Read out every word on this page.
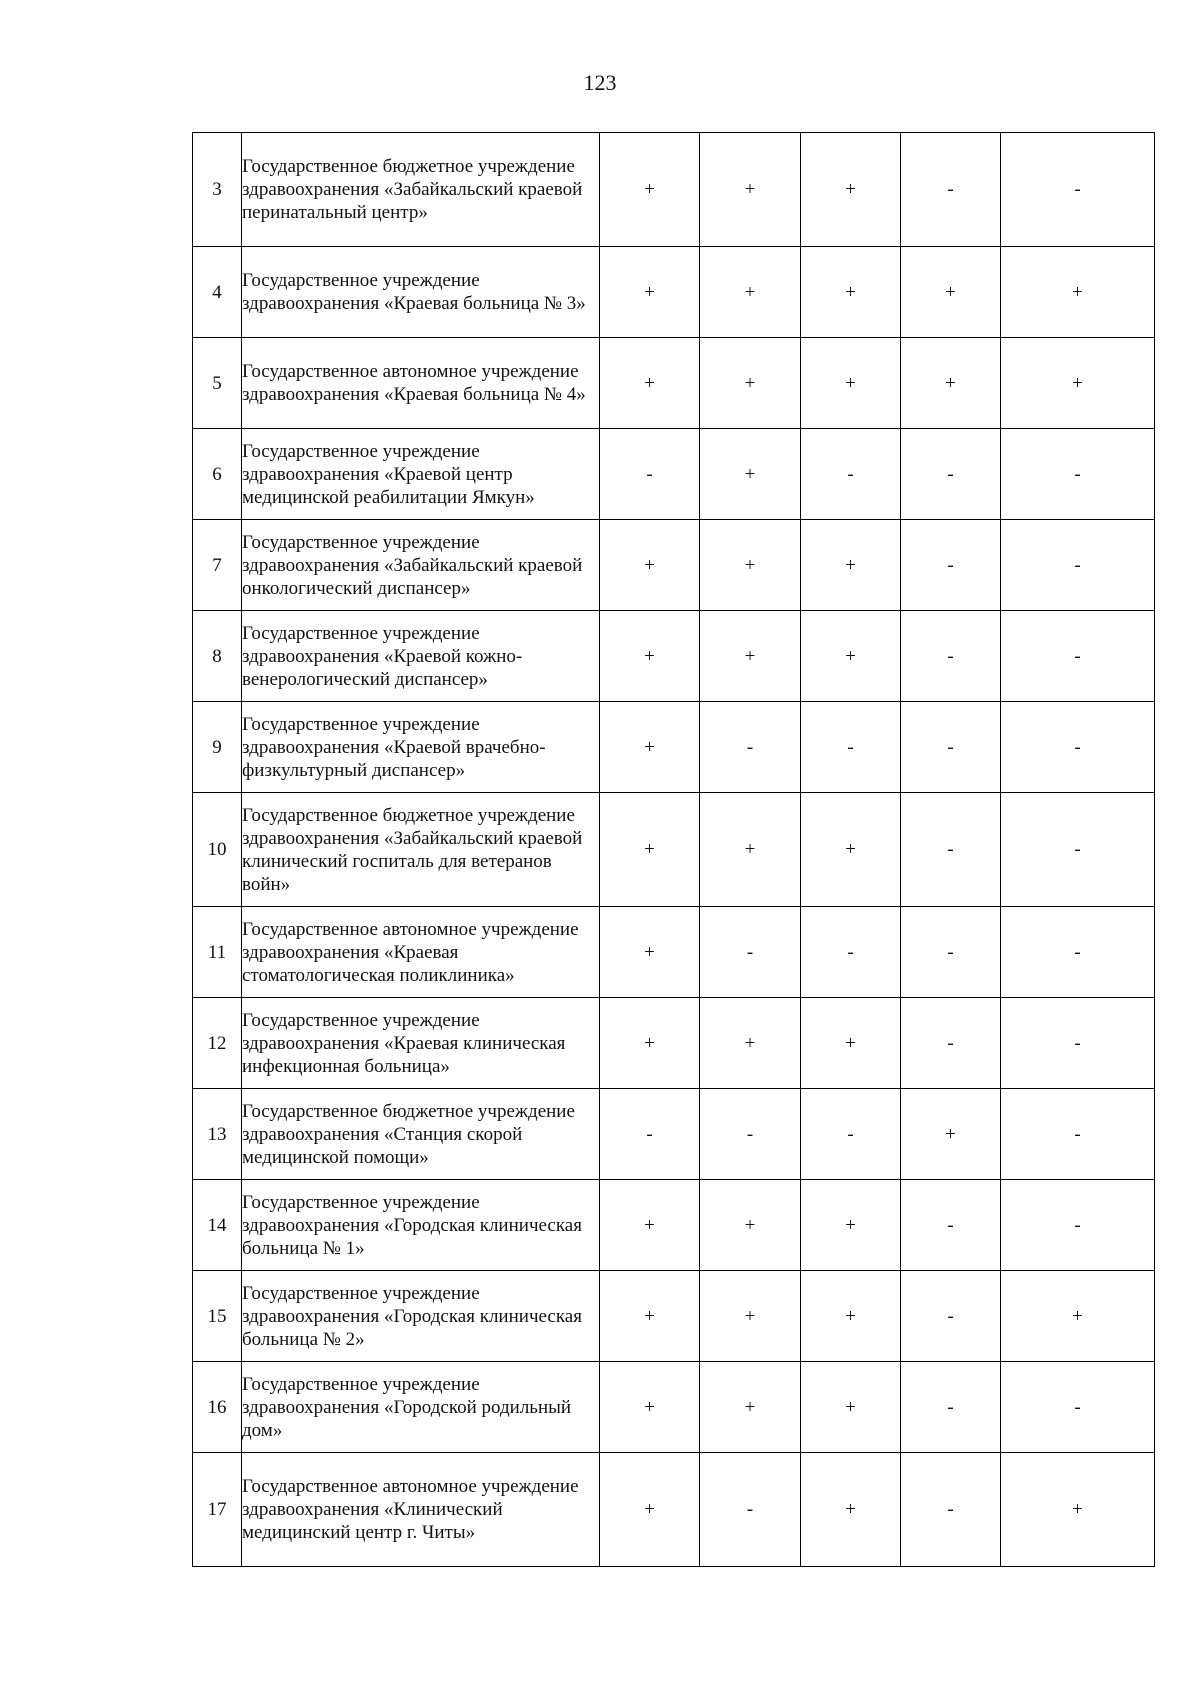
123
3	Государственное бюджетное учреждение здравоохранения «Забайкальский краевой перинатальный центр»	+	+	+	-	-
4	Государственное учреждение здравоохранения «Краевая больница № 3»	+	+	+	+	+
5	Государственное автономное учреждение здравоохранения «Краевая больница № 4»	+	+	+	+	+
6	Государственное учреждение здравоохранения «Краевой центр медицинской реабилитации Ямкун»	-	+	-	-	-
7	Государственное учреждение здравоохранения «Забайкальский краевой онкологический диспансер»	+	+	+	-	-
8	Государственное учреждение здравоохранения «Краевой кожно-венерологический диспансер»	+	+	+	-	-
9	Государственное учреждение здравоохранения «Краевой врачебно-физкультурный диспансер»	+	-	-	-	-
10	Государственное бюджетное учреждение здравоохранения «Забайкальский краевой клинический госпиталь для ветеранов войн»	+	+	+	-	-
11	Государственное автономное учреждение здравоохранения «Краевая стоматологическая поликлиника»	+	-	-	-	-
12	Государственное учреждение здравоохранения «Краевая клиническая инфекционная больница»	+	+	+	-	-
13	Государственное бюджетное учреждение здравоохранения «Станция скорой медицинской помощи»	-	-	-	+	-
14	Государственное учреждение здравоохранения «Городская клиническая больница № 1»	+	+	+	-	-
15	Государственное учреждение здравоохранения «Городская клиническая больница № 2»	+	+	+	-	+
16	Государственное учреждение здравоохранения «Городской родильный дом»	+	+	+	-	-
17	Государственное автономное учреждение здравоохранения «Клинический медицинский центр г. Читы»	+	-	+	-	+
